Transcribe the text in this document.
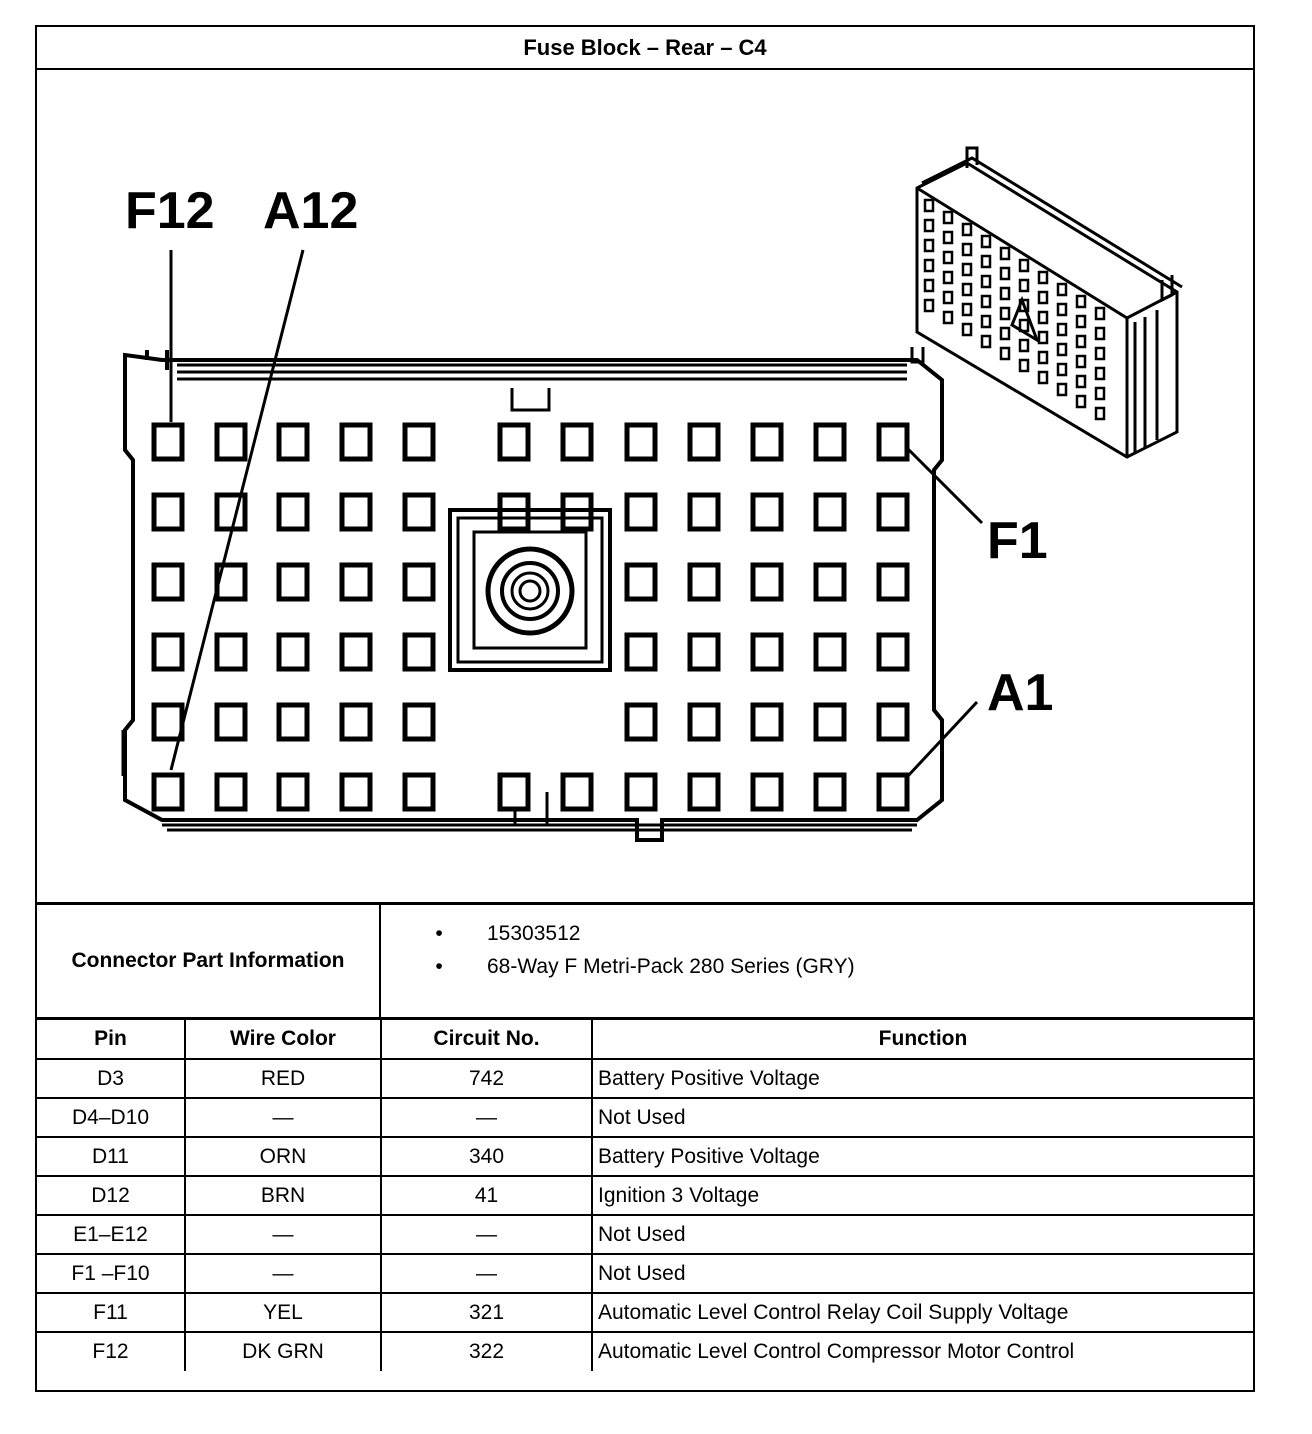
Fuse Block – Rear – C4
F12 A12
F1
A1
Connector Part Information
•	15303512
•	68-Way F Metri-Pack 280 Series (GRY)
Pin	Wire Color	Circuit No.	Function
D3	RED	742	Battery Positive Voltage
D4–D10	—	—	Not Used
D11	ORN	340	Battery Positive Voltage
D12	BRN	41	Ignition 3 Voltage
E1–E12	—	—	Not Used
F1 –F10	—	—	Not Used
F11	YEL	321	Automatic Level Control Relay Coil Supply Voltage
F12	DK GRN	322	Automatic Level Control Compressor Motor Control
